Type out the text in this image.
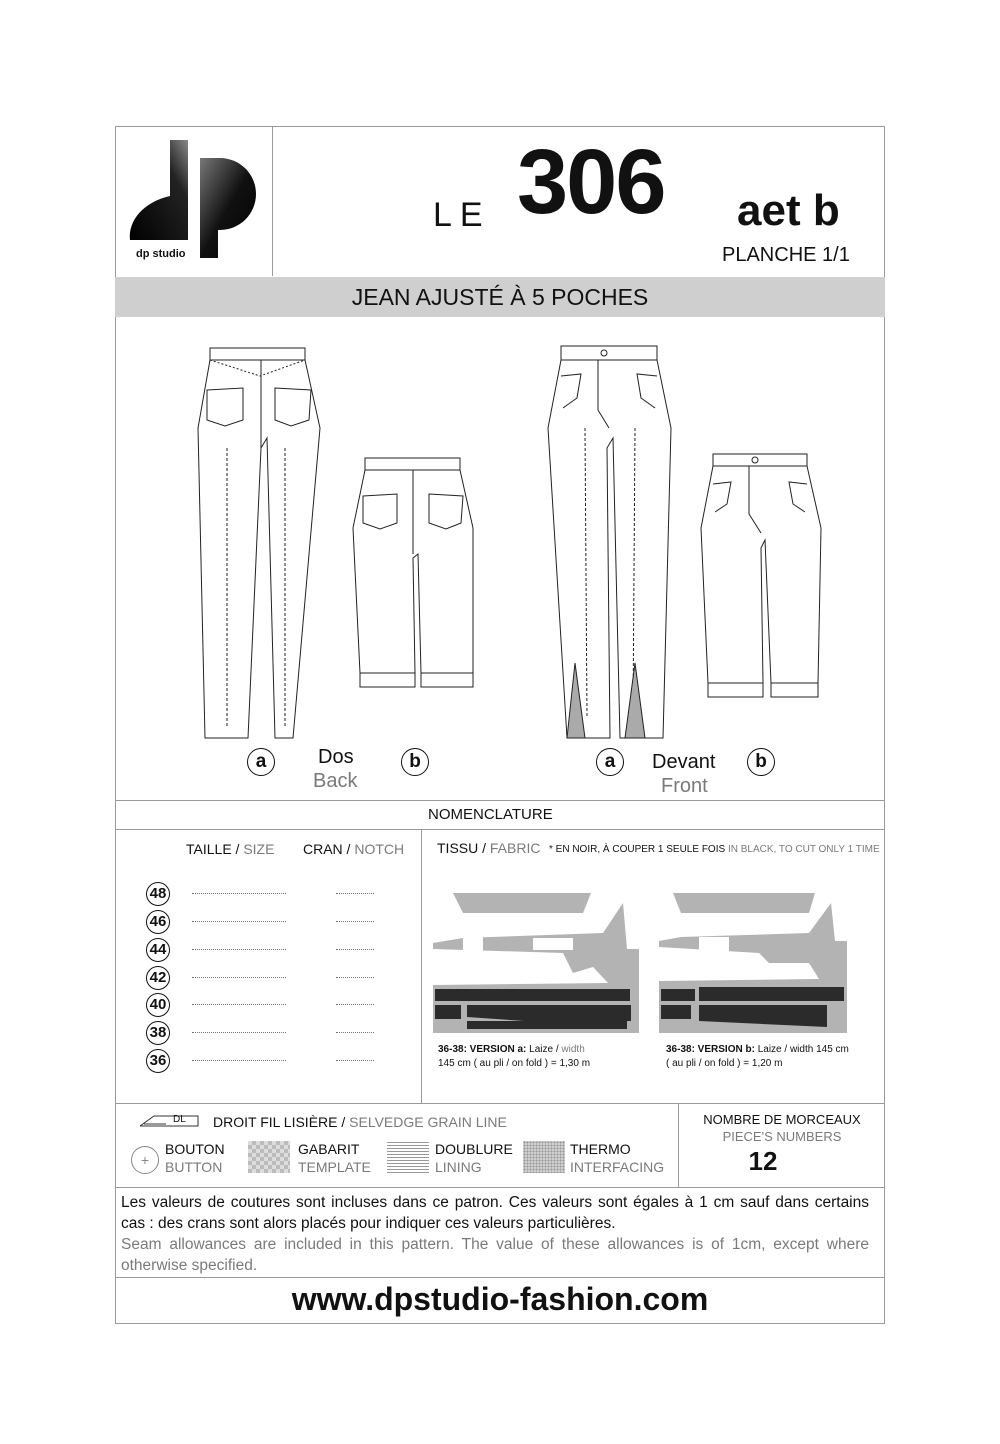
dp studio
LE 306 aet b
PLANCHE 1/1
JEAN AJUSTÉ À 5 POCHES
a	Dos
Back
b	a	Devant
Front
b
NOMENCLATURE
TAILLE / SIZE CRAN / NOTCH TISSU / FABRIC * EN NOIR, À COUPER 1 SEULE FOIS IN BLACK, TO CUT ONLY 1 TIME
48
46
44
42
40
38
36
36-38: VERSION a: Laize / width
145 cm ( au pli / on fold ) = 1,30 m
36-38: VERSION b: Laize / width 145 cm
( au pli / on fold ) = 1,20 m
DL DROIT FIL LISIÈRE / SELVEDGE GRAIN LINE
+
BOUTON
BUTTON
GABARIT
TEMPLATE
DOUBLURE
LINING
THERMO
INTERFACING
NOMBRE DE MORCEAUX
PIECE'S NUMBERS
12
Les valeurs de coutures sont incluses dans ce patron. Ces valeurs sont égales à 1 cm sauf dans certains cas : des crans sont alors placés pour indiquer ces valeurs particulières.
Seam allowances are included in this pattern. The value of these allowances is of 1cm, except where otherwise specified.
www.dpstudio-fashion.com
